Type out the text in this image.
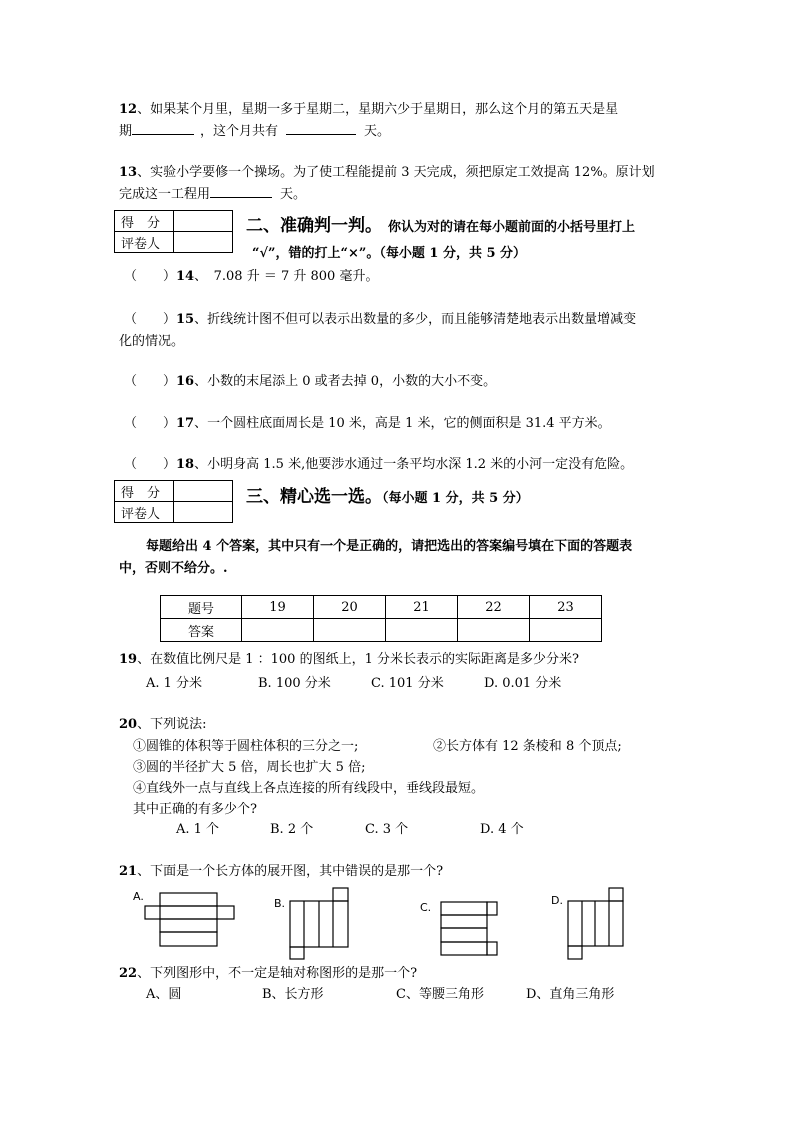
12、如果某个月里，星期一多于星期二，星期六少于星期日，那么这个月的第五天是星
期	，这个月共有	天。
13、实验小学要修一个操场。为了使工程能提前 3 天完成，须把原定工效提高 12%。原计划
完成这一工程用	天。
得　分	
评卷人	
二、准确判一判。 你认为对的请在每小题前面的小括号里打上
“√”，错的打上“×”。（每小题 1 分，共 5 分）
（　　）14、　7.08 升 ＝ 7 升 800 毫升。
（　　）15、折线统计图不但可以表示出数量的多少，而且能够清楚地表示出数量增减变
化的情况。
（　　）16、小数的末尾添上 0 或者去掉 0，小数的大小不变。
（　　）17、一个圆柱底面周长是 10 米，高是 1 米，它的侧面积是 31.4 平方米。
（　　）18、小明身高 1.5 米,他要涉水通过一条平均水深 1.2 米的小河一定没有危险。
得　分	
评卷人	
三、精心选一选。（每小题 1 分，共 5 分）
每题给出 4 个答案，其中只有一个是正确的，请把选出的答案编号填在下面的答题表
中，否则不给分。.
题号	19	20	21	22	23
答案					
19、在数值比例尺是 1 ：100 的图纸上，1 分米长表示的实际距离是多少分米?
A. 1 分米	B. 100 分米	C. 101 分米	D. 0.01 分米
20、下列说法:
①圆锥的体积等于圆柱体积的三分之一;	②长方体有 12 条棱和 8 个顶点;
③圆的半径扩大 5 倍，周长也扩大 5 倍;
④直线外一点与直线上各点连接的所有线段中，垂线段最短。
其中正确的有多少个?
A. 1 个	B. 2 个	C. 3 个	D. 4 个
21、下面是一个长方体的展开图，其中错误的是那一个?
A.
B.	C.
D.
22、下列图形中，不一定是轴对称图形的是那一个?
A、圆	B、长方形	C、等腰三角形	D、直角三角形
